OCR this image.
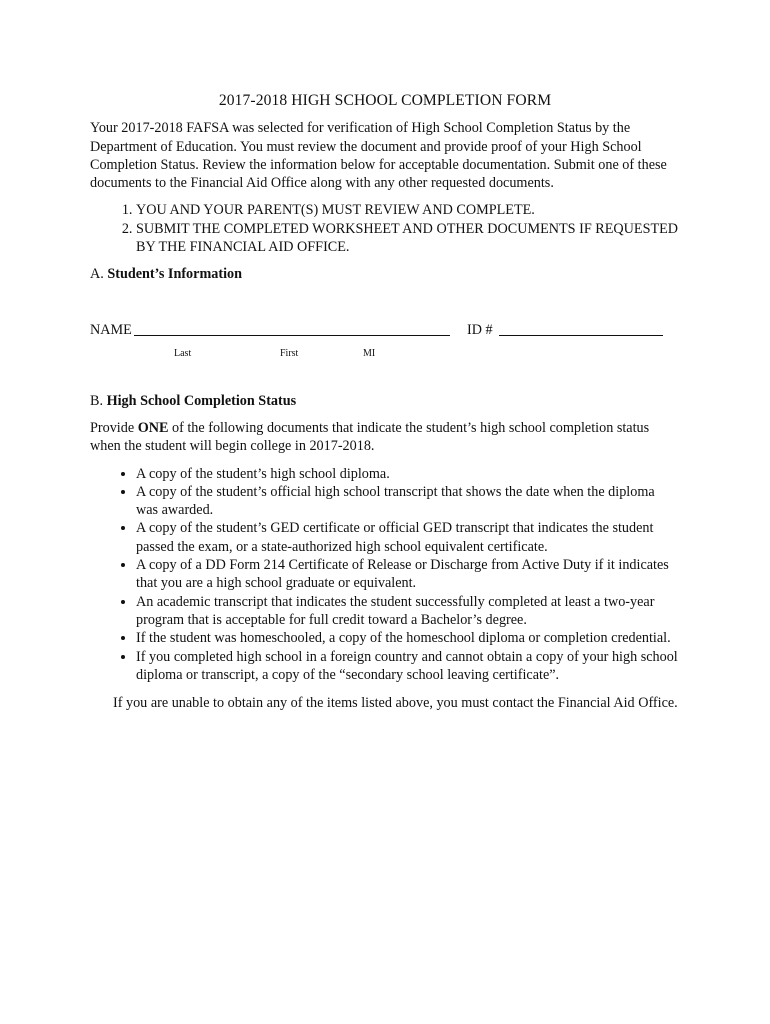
2017-2018 HIGH SCHOOL COMPLETION FORM

Your 2017-2018 FAFSA was selected for verification of High School Completion Status by the Department of Education. You must review the document and provide proof of your High School Completion Status. Review the information below for acceptable documentation. Submit one of these documents to the Financial Aid Office along with any other requested documents.

1. YOU AND YOUR PARENT(S) MUST REVIEW AND COMPLETE.
2. SUBMIT THE COMPLETED WORKSHEET AND OTHER DOCUMENTS IF REQUESTED BY THE FINANCIAL AID OFFICE.
A. Student’s Information
NAME	ID #
Last	First	MI
B. High School Completion Status

Provide ONE of the following documents that indicate the student’s high school completion status when the student will begin college in 2017-2018.

• A copy of the student’s high school diploma.
• A copy of the student’s official high school transcript that shows the date when the diploma was awarded.
• A copy of the student’s GED certificate or official GED transcript that indicates the student passed the exam, or a state-authorized high school equivalent certificate.
• A copy of a DD Form 214 Certificate of Release or Discharge from Active Duty if it indicates that you are a high school graduate or equivalent.
• An academic transcript that indicates the student successfully completed at least a two-year program that is acceptable for full credit toward a Bachelor’s degree.
• If the student was homeschooled, a copy of the homeschool diploma or completion credential.
• If you completed high school in a foreign country and cannot obtain a copy of your high school diploma or transcript, a copy of the “secondary school leaving certificate”.

If you are unable to obtain any of the items listed above, you must contact the Financial Aid Office.
